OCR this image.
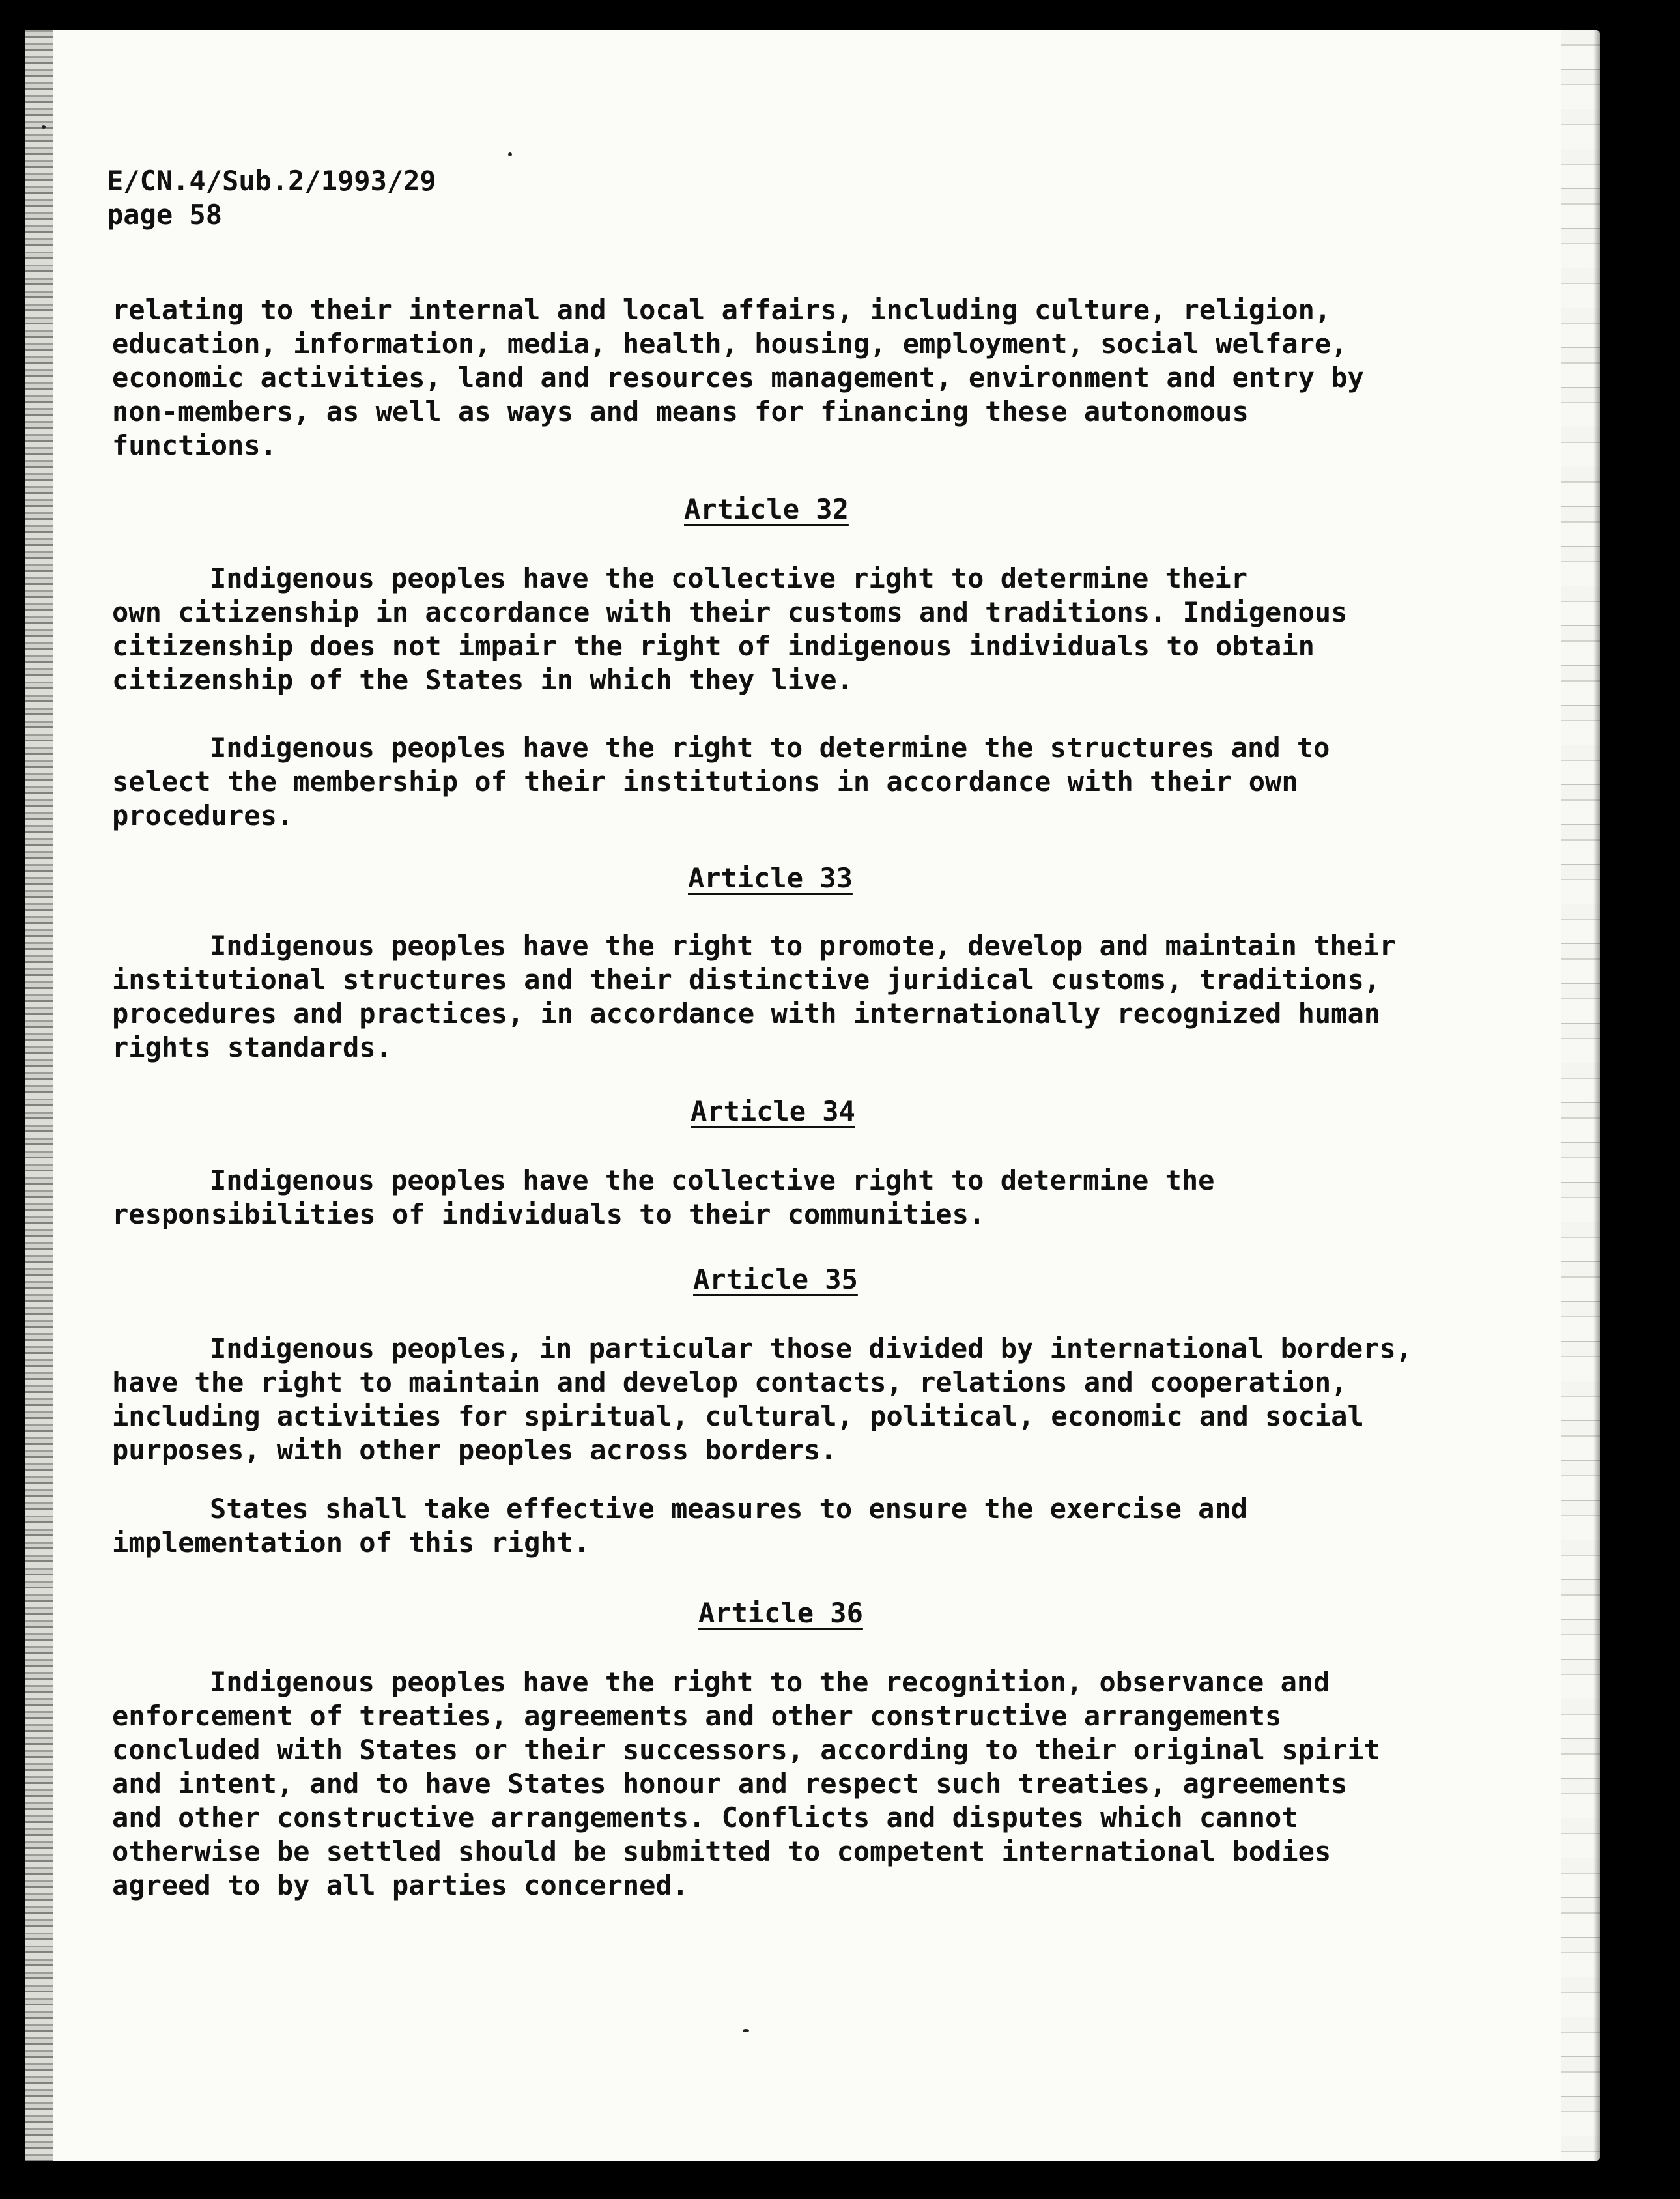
E/CN.4/Sub.2/1993/29
page 58
relating to their internal and local affairs, including culture, religion,
education, information, media, health, housing, employment, social welfare,
economic activities, land and resources management, environment and entry by
non-members, as well as ways and means for financing these autonomous
functions.
Article 32
Indigenous peoples have the collective right to determine their
own citizenship in accordance with their customs and traditions. Indigenous
citizenship does not impair the right of indigenous individuals to obtain
citizenship of the States in which they live.
Indigenous peoples have the right to determine the structures and to
select the membership of their institutions in accordance with their own
procedures.
Article 33
Indigenous peoples have the right to promote, develop and maintain their
institutional structures and their distinctive juridical customs, traditions,
procedures and practices, in accordance with internationally recognized human
rights standards.
Article 34
Indigenous peoples have the collective right to determine the
responsibilities of individuals to their communities.
Article 35
Indigenous peoples, in particular those divided by international borders,
have the right to maintain and develop contacts, relations and cooperation,
including activities for spiritual, cultural, political, economic and social
purposes, with other peoples across borders.
States shall take effective measures to ensure the exercise and
implementation of this right.
Article 36
Indigenous peoples have the right to the recognition, observance and
enforcement of treaties, agreements and other constructive arrangements
concluded with States or their successors, according to their original spirit
and intent, and to have States honour and respect such treaties, agreements
and other constructive arrangements. Conflicts and disputes which cannot
otherwise be settled should be submitted to competent international bodies
agreed to by all parties concerned.
